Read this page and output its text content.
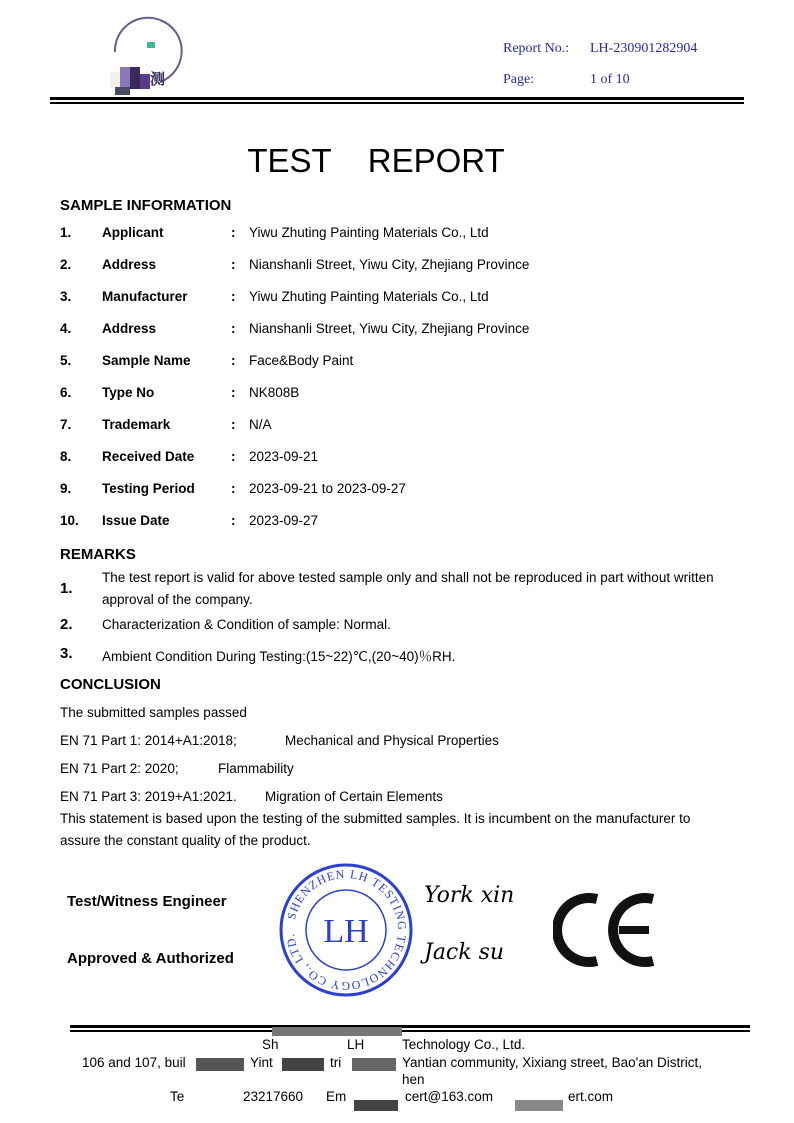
测
Report No.: LH-230901282904
Page:	1 of 10
TEST    REPORT
SAMPLE INFORMATION
1. Applicant	: Yiwu Zhuting Painting Materials Co., Ltd
2. Address	: Nianshanli Street, Yiwu City, Zhejiang Province
3. Manufacturer	: Yiwu Zhuting Painting Materials Co., Ltd
4. Address	: Nianshanli Street, Yiwu City, Zhejiang Province
5. Sample Name	: Face&Body Paint
6. Type No	: NK808B
7. Trademark	: N/A
8. Received Date	: 2023-09-21
9. Testing Period	: 2023-09-21 to 2023-09-27
10. Issue Date	: 2023-09-27
REMARKS
1.
The test report is valid for above tested sample only and shall not be reproduced in part without written
approval of the company.
2. Characterization & Condition of sample: Normal.
3. Ambient Condition During Testing:(15~22)℃,(20~40)％RH.
CONCLUSION
The submitted samples passed
EN 71 Part 1: 2014+A1:2018;	Mechanical and Physical Properties
EN 71 Part 2: 2020;	Flammability
EN 71 Part 3: 2019+A1:2021. Migration of Certain Elements
This statement is based upon the testing of the submitted samples. It is incumbent on the manufacturer to
assure the constant quality of the product.
Test/Witness Engineer
Approved & Authorized
SHENZHEN LH TESTING TECHNOLOGY CO., LTD. LH
York xin
Jack su
Sh	LH	Technology Co., Ltd.
106 and 107, buil	Yint	tri	Yantian community, Xixiang street, Bao'an District,
hen
Te	23217660 Em	cert@163.com	ert.com
